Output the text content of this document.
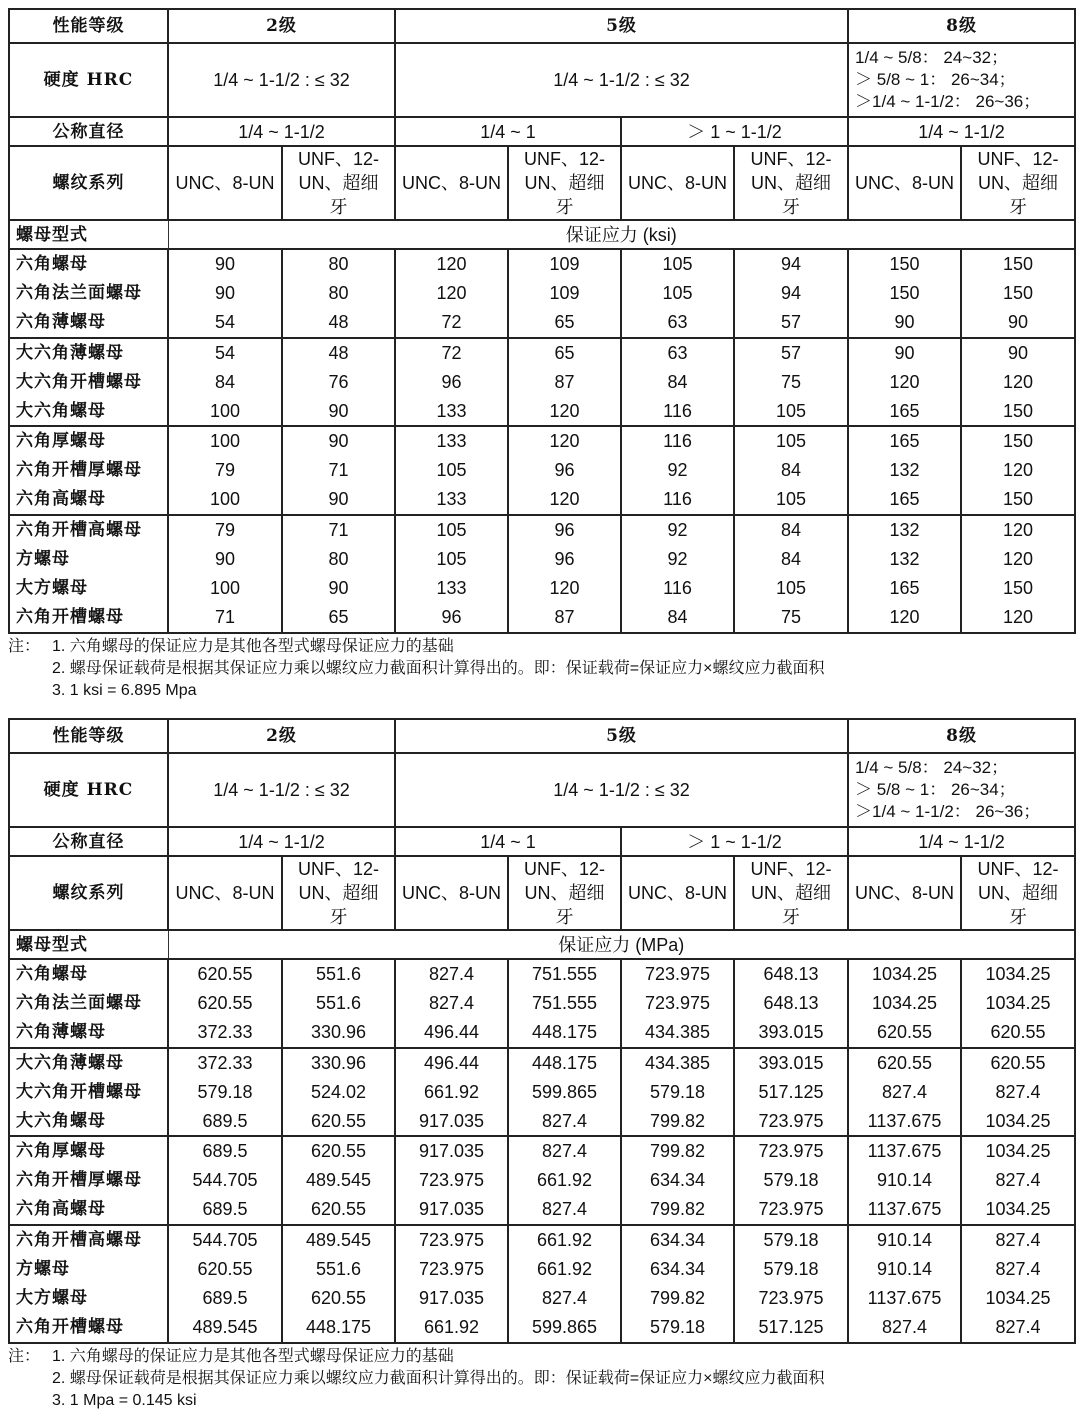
性能等级	2级		5级				8级	
硬度 HRC	1/4 ~ 1-1/2 : ≤ 32		1/4 ~ 1-1/2 : ≤ 32				1/4 ~ 5/8： 24~32；
＞ 5/8 ~ 1： 26~34；
＞1/4 ~ 1-1/2： 26~36；	

公称直径	1/4 ~ 1-1/2		1/4 ~ 1		＞ 1 ~ 1-1/2		1/4 ~ 1-1/2	
螺纹系列	UNC、8-UN	UNF、12-UN、超细牙	UNC、8-UN	UNF、12-UN、超细牙	UNC、8-UN	UNF、12-UN、超细牙	UNC、8-UN	UNF、12-UN、超细牙
螺母型式	保证应力 (ksi)							
六角螺母	90	80	120	109	105	94	150	150
六角法兰面螺母	90	80	120	109	105	94	150	150
六角薄螺母	54	48	72	65	63	57	90	90
大六角薄螺母	54	48	72	65	63	57	90	90
大六角开槽螺母	84	76	96	87	84	75	120	120
大六角螺母	100	90	133	120	116	105	165	150
六角厚螺母	100	90	133	120	116	105	165	150
六角开槽厚螺母	79	71	105	96	92	84	132	120
六角高螺母	100	90	133	120	116	105	165	150
六角开槽高螺母	79	71	105	96	92	84	132	120
方螺母	90	80	105	96	92	84	132	120
大方螺母	100	90	133	120	116	105	165	150
六角开槽螺母	71	65	96	87	84	75	120	120
注： 1. 六角螺母的保证应力是其他各型式螺母保证应力的基础
2. 螺母保证载荷是根据其保证应力乘以螺纹应力截面积计算得出的。即：保证载荷=保证应力×螺纹应力截面积
3. 1 ksi = 6.895 Mpa
性能等级	2级		5级				8级	
硬度 HRC	1/4 ~ 1-1/2 : ≤ 32		1/4 ~ 1-1/2 : ≤ 32				1/4 ~ 5/8： 24~32；
＞ 5/8 ~ 1： 26~34；
＞1/4 ~ 1-1/2： 26~36；	

公称直径	1/4 ~ 1-1/2		1/4 ~ 1		＞ 1 ~ 1-1/2		1/4 ~ 1-1/2	
螺纹系列	UNC、8-UN	UNF、12-UN、超细牙	UNC、8-UN	UNF、12-UN、超细牙	UNC、8-UN	UNF、12-UN、超细牙	UNC、8-UN	UNF、12-UN、超细牙
螺母型式	保证应力 (MPa)							
六角螺母	620.55	551.6	827.4	751.555	723.975	648.13	1034.25	1034.25
六角法兰面螺母	620.55	551.6	827.4	751.555	723.975	648.13	1034.25	1034.25
六角薄螺母	372.33	330.96	496.44	448.175	434.385	393.015	620.55	620.55
大六角薄螺母	372.33	330.96	496.44	448.175	434.385	393.015	620.55	620.55
大六角开槽螺母	579.18	524.02	661.92	599.865	579.18	517.125	827.4	827.4
大六角螺母	689.5	620.55	917.035	827.4	799.82	723.975	1137.675	1034.25
六角厚螺母	689.5	620.55	917.035	827.4	799.82	723.975	1137.675	1034.25
六角开槽厚螺母	544.705	489.545	723.975	661.92	634.34	579.18	910.14	827.4
六角高螺母	689.5	620.55	917.035	827.4	799.82	723.975	1137.675	1034.25
六角开槽高螺母	544.705	489.545	723.975	661.92	634.34	579.18	910.14	827.4
方螺母	620.55	551.6	723.975	661.92	634.34	579.18	910.14	827.4
大方螺母	689.5	620.55	917.035	827.4	799.82	723.975	1137.675	1034.25
六角开槽螺母	489.545	448.175	661.92	599.865	579.18	517.125	827.4	827.4
注： 1. 六角螺母的保证应力是其他各型式螺母保证应力的基础
2. 螺母保证载荷是根据其保证应力乘以螺纹应力截面积计算得出的。即：保证载荷=保证应力×螺纹应力截面积
3. 1 Mpa = 0.145 ksi
